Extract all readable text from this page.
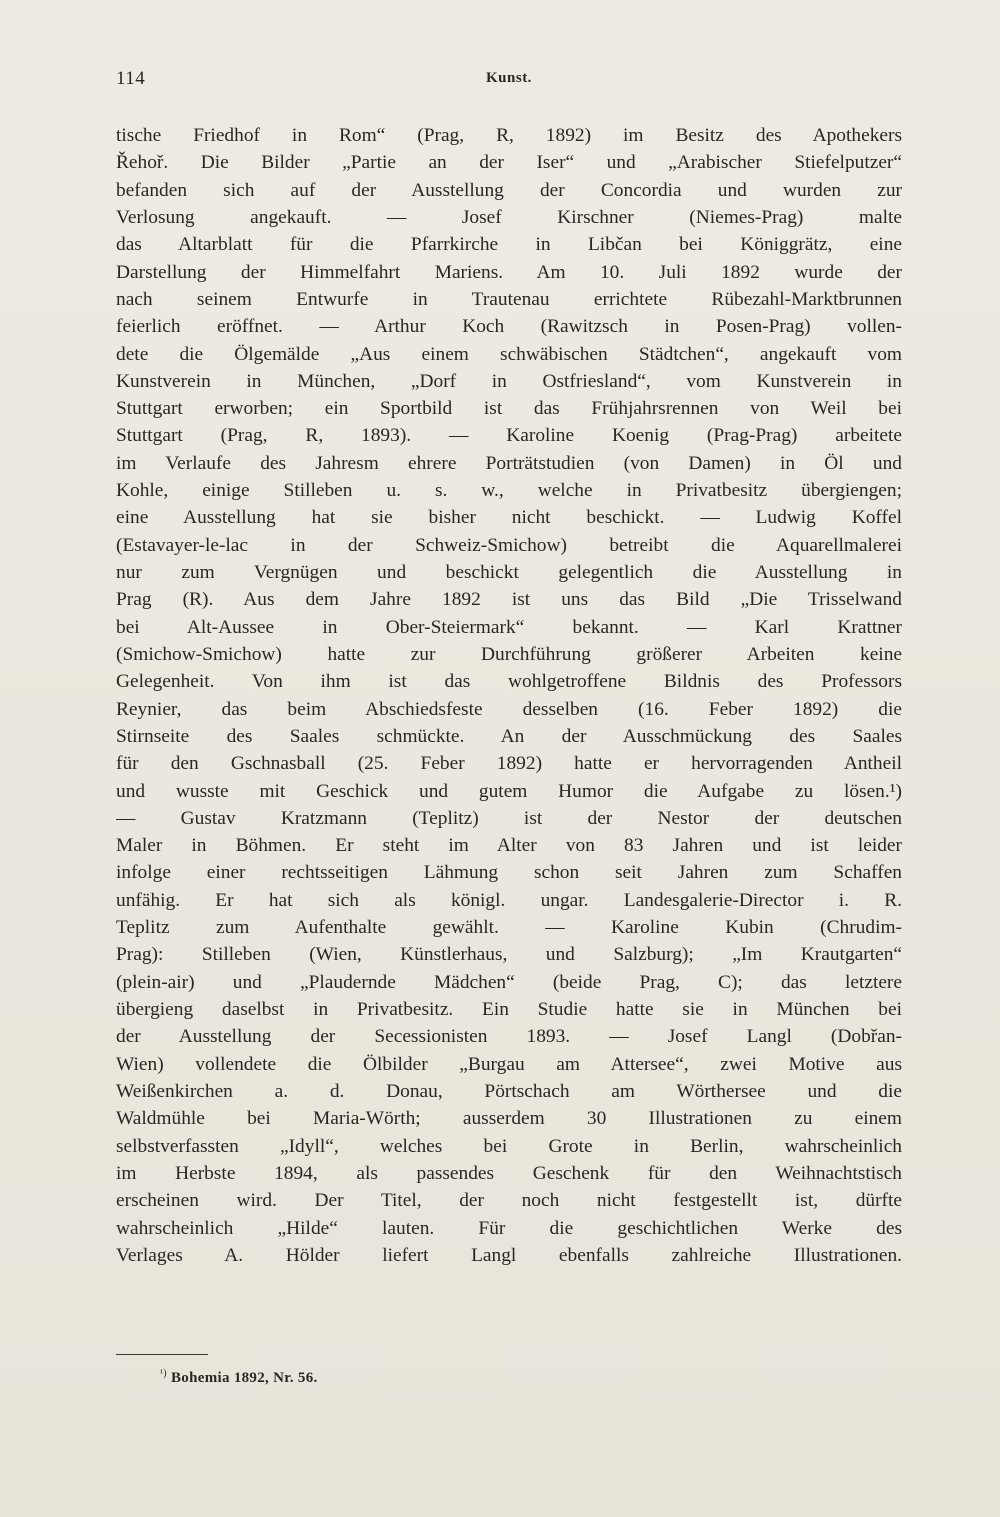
114	Kunst.
tische Friedhof in Rom“ (Prag, R, 1892) im Besitz des Apothekers
Řehoř. Die Bilder „Partie an der Iser“ und „Arabischer Stiefelputzer“
befanden sich auf der Ausstellung der Concordia und wurden zur
Verlosung angekauft. — Josef Kirschner (Niemes-Prag) malte
das Altarblatt für die Pfarrkirche in Libčan bei Königgrätz, eine
Darstellung der Himmelfahrt Mariens. Am 10. Juli 1892 wurde der
nach seinem Entwurfe in Trautenau errichtete Rübezahl-Marktbrunnen
feierlich eröffnet. — Arthur Koch (Rawitzsch in Posen-Prag) vollen-
dete die Ölgemälde „Aus einem schwäbischen Städtchen“, angekauft vom
Kunstverein in München, „Dorf in Ostfriesland“, vom Kunstverein in
Stuttgart erworben; ein Sportbild ist das Frühjahrsrennen von Weil bei
Stuttgart (Prag, R, 1893). — Karoline Koenig (Prag-Prag) arbeitete
im Verlaufe des Jahresm ehrere Porträtstudien (von Damen) in Öl und
Kohle, einige Stilleben u. s. w., welche in Privatbesitz übergiengen;
eine Ausstellung hat sie bisher nicht beschickt. — Ludwig Koffel
(Estavayer-le-lac in der Schweiz-Smichow) betreibt die Aquarellmalerei
nur zum Vergnügen und beschickt gelegentlich die Ausstellung in
Prag (R). Aus dem Jahre 1892 ist uns das Bild „Die Trisselwand
bei Alt-Aussee in Ober-Steiermark“ bekannt. — Karl Krattner
(Smichow-Smichow) hatte zur Durchführung größerer Arbeiten keine
Gelegenheit. Von ihm ist das wohlgetroffene Bildnis des Professors
Reynier, das beim Abschiedsfeste desselben (16. Feber 1892) die
Stirnseite des Saales schmückte. An der Ausschmückung des Saales
für den Gschnasball (25. Feber 1892) hatte er hervorragenden Antheil
und wusste mit Geschick und gutem Humor die Aufgabe zu lösen.¹)
— Gustav Kratzmann (Teplitz) ist der Nestor der deutschen
Maler in Böhmen. Er steht im Alter von 83 Jahren und ist leider
infolge einer rechtsseitigen Lähmung schon seit Jahren zum Schaffen
unfähig. Er hat sich als königl. ungar. Landesgalerie-Director i. R.
Teplitz zum Aufenthalte gewählt. — Karoline Kubin (Chrudim-
Prag): Stilleben (Wien, Künstlerhaus, und Salzburg); „Im Krautgarten“
(plein-air) und „Plaudernde Mädchen“ (beide Prag, C); das letztere
übergieng daselbst in Privatbesitz. Ein Studie hatte sie in München bei
der Ausstellung der Secessionisten 1893. — Josef Langl (Dobřan-
Wien) vollendete die Ölbilder „Burgau am Attersee“, zwei Motive aus
Weißenkirchen a. d. Donau, Pörtschach am Wörthersee und die
Waldmühle bei Maria-Wörth; ausserdem 30 Illustrationen zu einem
selbstverfassten „Idyll“, welches bei Grote in Berlin, wahrscheinlich
im Herbste 1894, als passendes Geschenk für den Weihnachtstisch
erscheinen wird. Der Titel, der noch nicht festgestellt ist, dürfte
wahrscheinlich „Hilde“ lauten. Für die geschichtlichen Werke des
Verlages A. Hölder liefert Langl ebenfalls zahlreiche Illustrationen.
$^{^1)}$ Bohemia 1892, Nr. 56.
